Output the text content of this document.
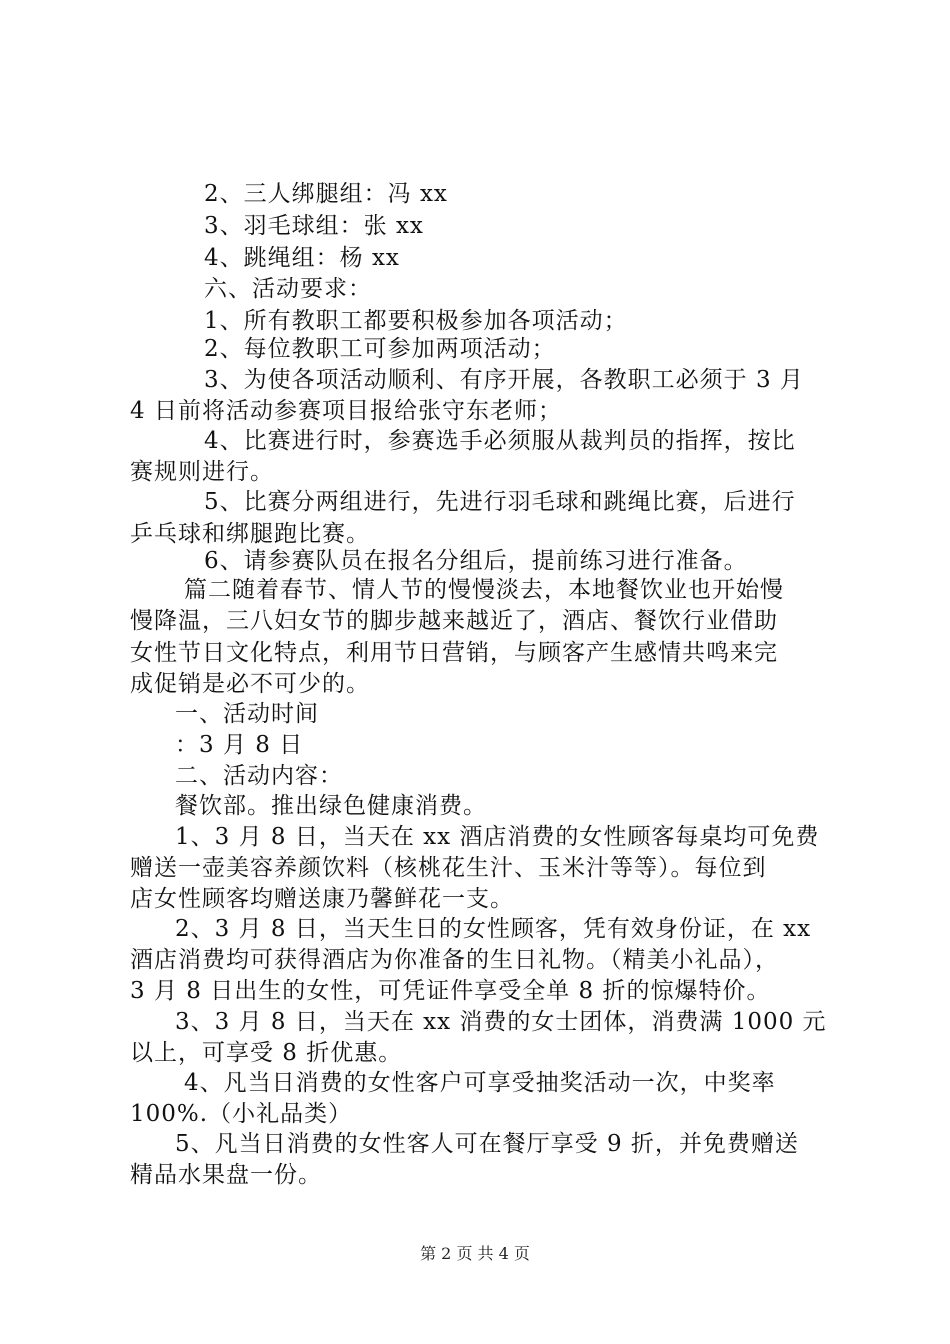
2、三人绑腿组：冯 xx
3、羽毛球组：张 xx
4、跳绳组：杨 xx
六、活动要求：
1、所有教职工都要积极参加各项活动；
2、每位教职工可参加两项活动；
3、为使各项活动顺利、有序开展，各教职工必须于 3 月
4 日前将活动参赛项目报给张守东老师；
4、比赛进行时，参赛选手必须服从裁判员的指挥，按比
赛规则进行。
5、比赛分两组进行，先进行羽毛球和跳绳比赛，后进行
乒乓球和绑腿跑比赛。
6、请参赛队员在报名分组后，提前练习进行准备。
篇二随着春节、情人节的慢慢淡去，本地餐饮业也开始慢
慢降温，三八妇女节的脚步越来越近了，酒店、餐饮行业借助
女性节日文化特点，利用节日营销，与顾客产生感情共鸣来完
成促销是必不可少的。
一、活动时间
：3 月 8 日
二、活动内容：
餐饮部。推出绿色健康消费。
1、3 月 8 日，当天在 xx 酒店消费的女性顾客每桌均可免费
赠送一壶美容养颜饮料（核桃花生汁、玉米汁等等）。每位到
店女性顾客均赠送康乃馨鲜花一支。
2、3 月 8 日，当天生日的女性顾客，凭有效身份证，在 xx
酒店消费均可获得酒店为你准备的生日礼物。（精美小礼品），
3 月 8 日出生的女性，可凭证件享受全单 8 折的惊爆特价。
3、3 月 8 日，当天在 xx 消费的女士团体，消费满 1000 元
以上，可享受 8 折优惠。
4、凡当日消费的女性客户可享受抽奖活动一次，中奖率
100%.（小礼品类）
5、凡当日消费的女性客人可在餐厅享受 9 折，并免费赠送
精品水果盘一份。
第 2 页 共 4 页
